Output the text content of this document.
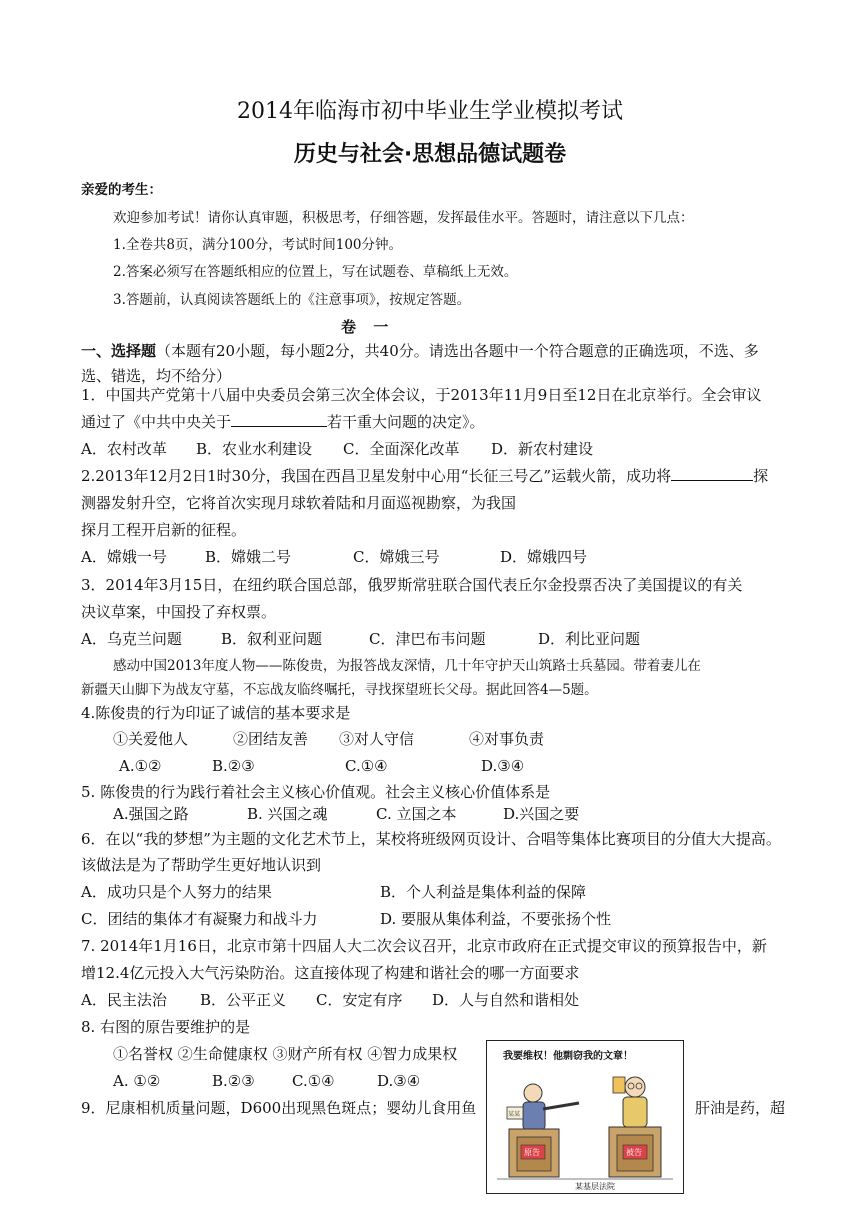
2014年临海市初中毕业生学业模拟考试
历史与社会·思想品德试题卷
亲爱的考生：
欢迎参加考试！请你认真审题，积极思考，仔细答题，发挥最佳水平。答题时，请注意以下几点：
1.全卷共8页，满分100分，考试时间100分钟。
2.答案必须写在答题纸相应的位置上，写在试题卷、草稿纸上无效。
3.答题前，认真阅读答题纸上的《注意事项》，按规定答题。
卷 一
一、选择题（本题有20小题，每小题2分，共40分。请选出各题中一个符合题意的正确选项，不选、多
选、错选，均不给分）
1．中国共产党第十八届中央委员会第三次全体会议，于2013年11月9日至12日在北京举行。全会审议
通过了《中共中央关于	若干重大问题的决定》。
A．农村改革 B．农业水利建设 C．全面深化改革 D．新农村建设
2.2013年12月2日1时30分，我国在西昌卫星发射中心用“长征三号乙”运载火箭，成功将	探
测器发射升空，它将首次实现月球软着陆和月面巡视勘察，为我国
探月工程开启新的征程。
A．嫦娥一号	B．嫦娥二号	C．嫦娥三号	D．嫦娥四号
3．2014年3月15日，在纽约联合国总部，俄罗斯常驻联合国代表丘尔金投票否决了美国提议的有关
决议草案，中国投了弃权票。
A．乌克兰问题	B．叙利亚问题	C．津巴布韦问题	D．利比亚问题
感动中国2013年度人物——陈俊贵，为报答战友深情，几十年守护天山筑路士兵墓园。带着妻儿在
新疆天山脚下为战友守墓，不忘战友临终嘱托，寻找探望班长父母。据此回答4—5题。
4.陈俊贵的行为印证了诚信的基本要求是
①关爱他人	②团结友善 ③对人守信	④对事负责
A.①②	B.②③	C.①④	D.③④
5. 陈俊贵的行为践行着社会主义核心价值观。社会主义核心价值体系是
A.强国之路	B. 兴国之魂	C. 立国之本	D.兴国之要
6．在以“我的梦想”为主题的文化艺术节上，某校将班级网页设计、合唱等集体比赛项目的分值大大提高。
该做法是为了帮助学生更好地认识到
A．成功只是个人努力的结果	B．个人利益是集体利益的保障
C．团结的集体才有凝聚力和战斗力	D. 要服从集体利益，不要张扬个性
7. 2014年1月16日，北京市第十四届人大二次会议召开，北京市政府在正式提交审议的预算报告中，新
增12.4亿元投入大气污染防治。这直接体现了构建和谐社会的哪一方面要求
A．民主法治 B．公平正义 C．安定有序 D．人与自然和谐相处
8. 右图的原告要维护的是
①名誉权 ②生命健康权 ③财产所有权 ④智力成果权
A. ①②	B.②③ C.①④	D.③④
9．尼康相机质量问题，D600出现黑色斑点；婴幼儿食用鱼	肝油是药，超
我要维权！他剽窃我的文章！
某某
原告	被告
某基层法院
